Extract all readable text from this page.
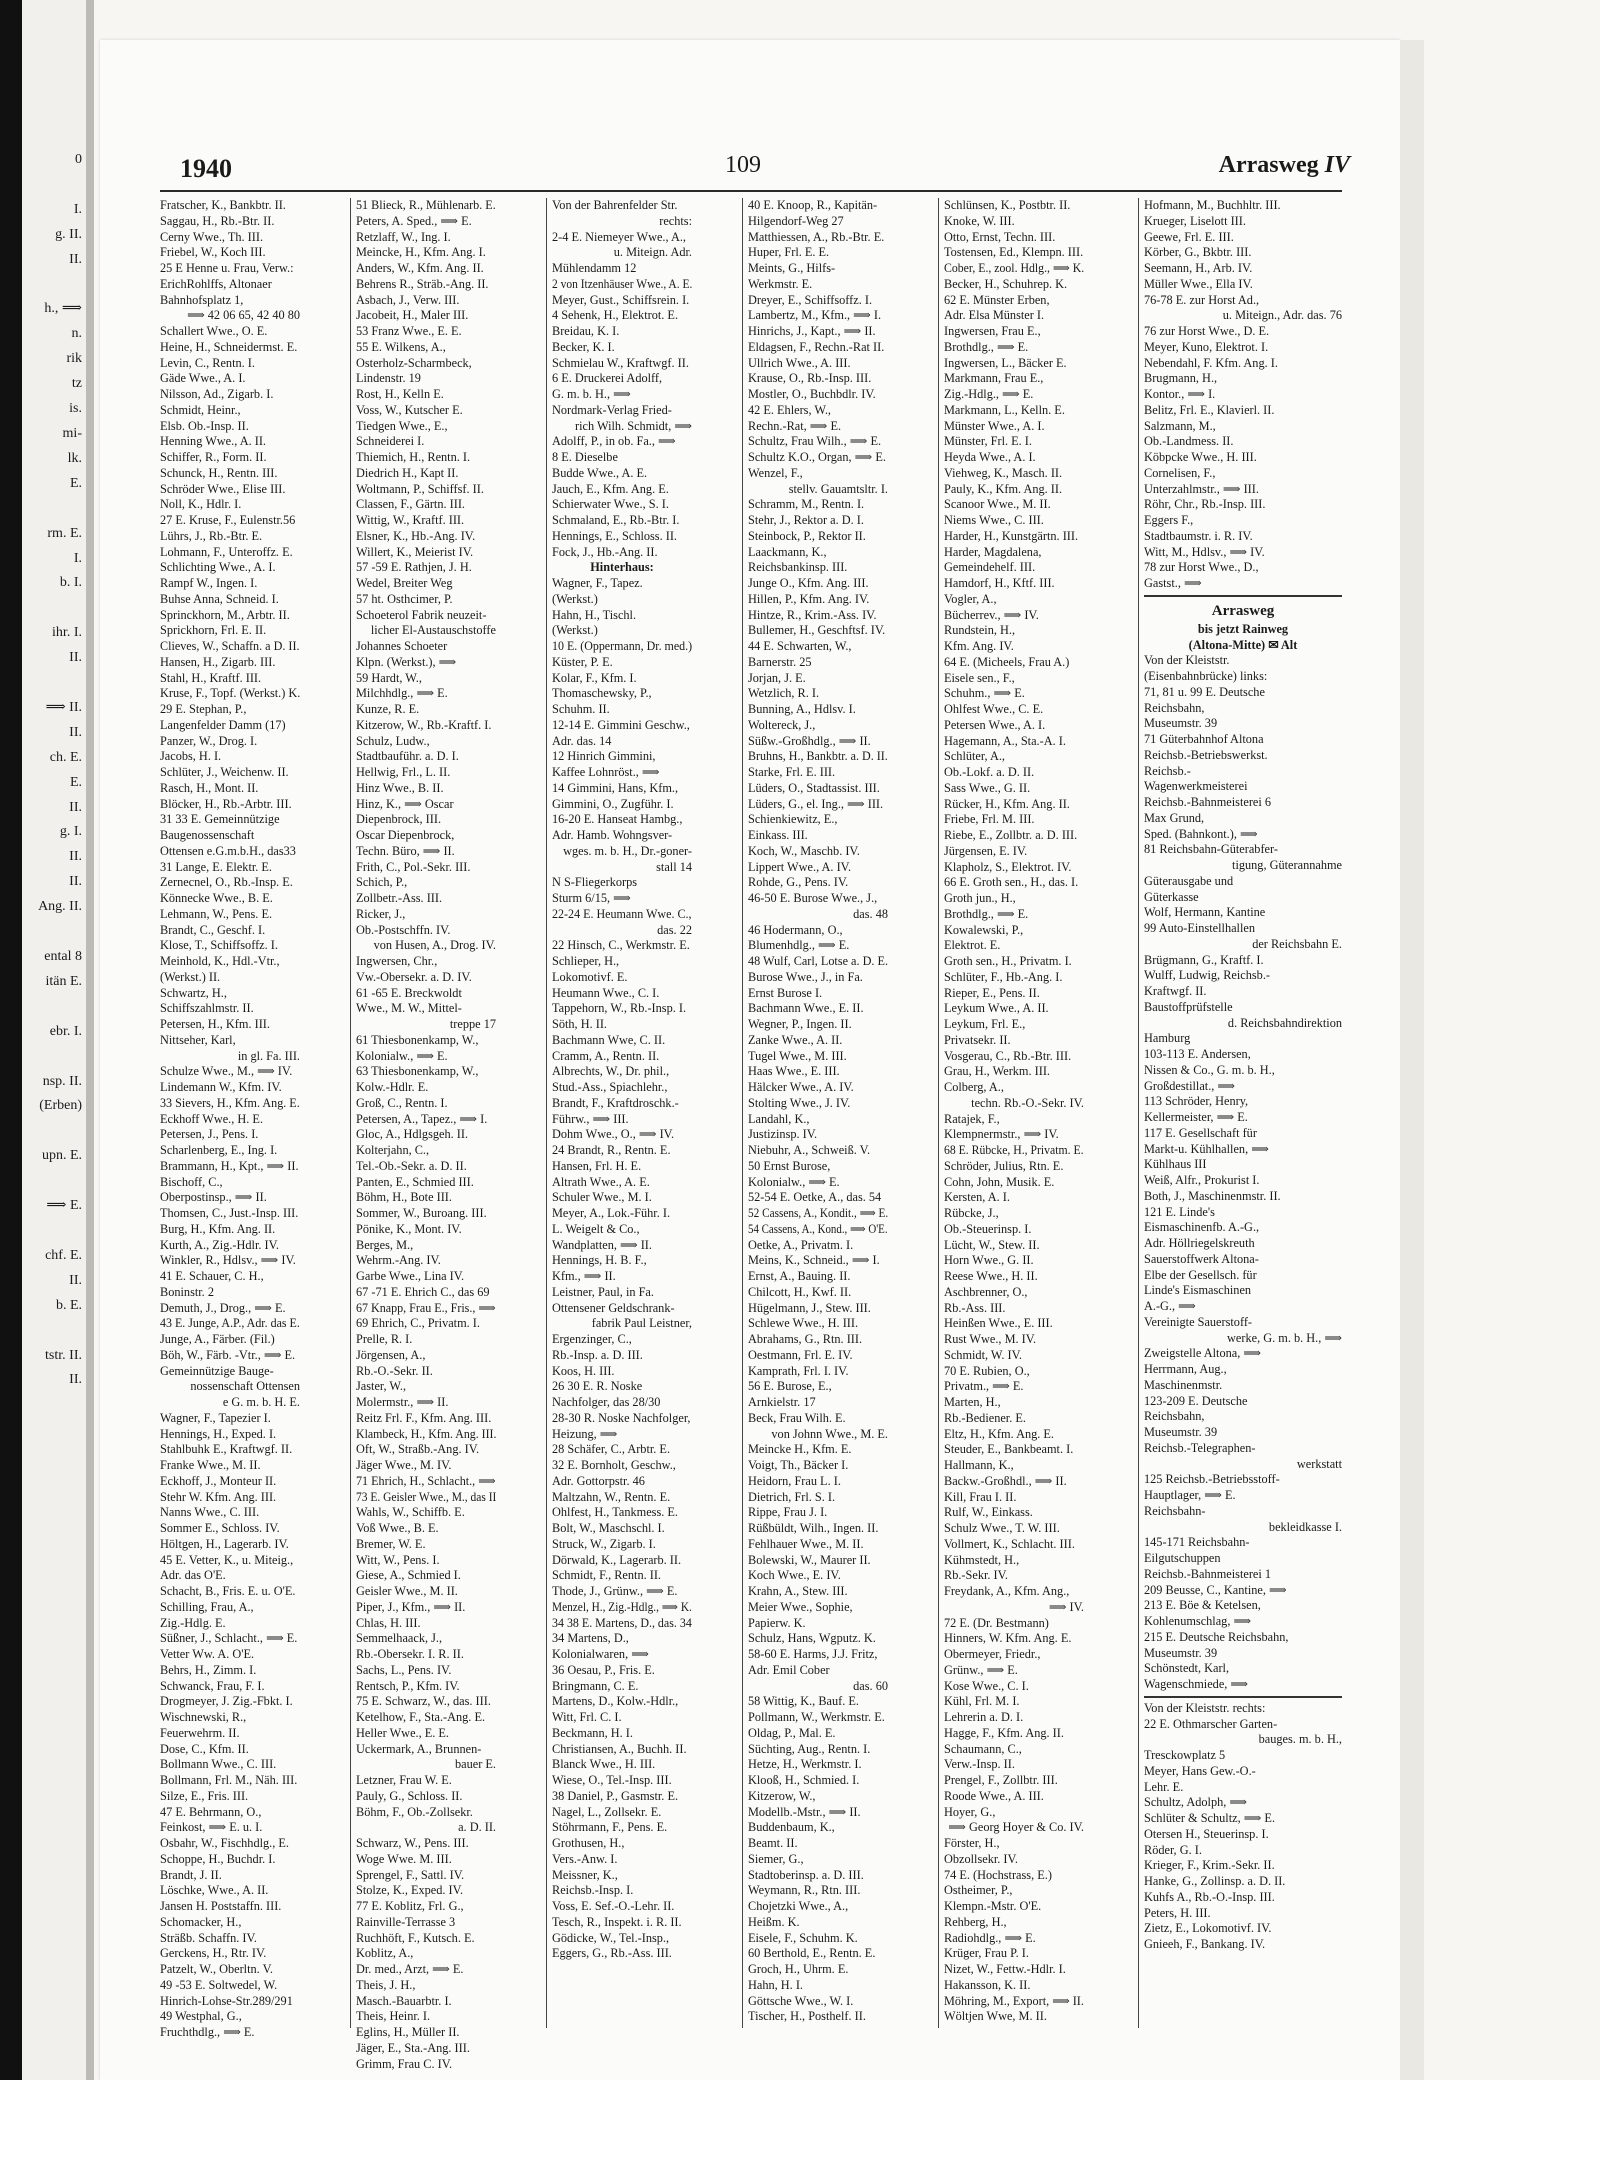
0

I.
g. II.
II.

h., ⟹
n.
rik
tz
is.
mi-
lk.
E.

rm. E.
I.
b. I.

ihr. I.
II.

⟹ II.
II.
ch. E.
E.
II.
g. I.
II.
II.
Ang. II.

ental 8
itän E.

ebr. I.

nsp. II.
(Erben)

upn. E.

⟹ E.

chf. E.
II.
b. E.

tstr. II.
II.
1940	109	Arrasweg IV
Fratscher, K., Bankbtr. II.
Saggau, H., Rb.-Btr. II.
Cerny Wwe., Th. III.
Friebel, W., Koch III.
25 E Henne u. Frau, Verw.:
ErichRohlffs, Altonaer
Bahnhofsplatz 1,
⟹ 42 06 65, 42 40 80
Schallert Wwe., O. E.
Heine, H., Schneidermst. E.
Levin, C., Rentn. I.
Gäde Wwe., A. I.
Nilsson, Ad., Zigarb. I.
Schmidt, Heinr.,
Elsb. Ob.-Insp. II.
Henning Wwe., A. II.
Schiffer, R., Form. II.
Schunck, H., Rentn. III.
Schröder Wwe., Elise III.
Noll, K., Hdlr. I.
27 E. Kruse, F., Eulenstr.56
Lührs, J., Rb.-Btr. E.
Lohmann, F., Unteroffz. E.
Schlichting Wwe., A. I.
Rampf W., Ingen. I.
Buhse Anna, Schneid. I.
Sprinckhorn, M., Arbtr. II.
Sprickhorn, Frl. E. II.
Clieves, W., Schaffn. a D. II.
Hansen, H., Zigarb. III.
Stahl, H., Kraftf. III.
Kruse, F., Topf. (Werkst.) K.
29 E. Stephan, P.,
Langenfelder Damm (17)
Panzer, W., Drog. I.
Jacobs, H. I.
Schlüter, J., Weichenw. II.
Rasch, H., Mont. II.
Blöcker, H., Rb.-Arbtr. III.
31 33 E. Gemeinnützige
Baugenossenschaft
Ottensen e.G.m.b.H., das33
31 Lange, E. Elektr. E.
Zernecnel, O., Rb.-Insp. E.
Könnecke Wwe., B. E.
Lehmann, W., Pens. E.
Brandt, C., Geschf. I.
Klose, T., Schiffsoffz. I.
Meinhold, K., Hdl.-Vtr.,
(Werkst.) II.
Schwartz, H.,
Schiffszahlmstr. II.
Petersen, H., Kfm. III.
Nittseher, Karl,
in gl. Fa. III.
Schulze Wwe., M., ⟹ IV.
Lindemann W., Kfm. IV.
33 Sievers, H., Kfm. Ang. E.
Eckhoff Wwe., H. E.
Petersen, J., Pens. I.
Scharlenberg, E., Ing. I.
Brammann, H., Kpt., ⟹ II.
Bischoff, C.,
Oberpostinsp., ⟹ II.
Thomsen, C., Just.-Insp. III.
Burg, H., Kfm. Ang. II.
Kurth, A., Zig.-Hdlr. IV.
Winkler, R., Hdlsv., ⟹ IV.
41 E. Schauer, C. H.,
Boninstr. 2
Demuth, J., Drog., ⟹ E.
43 E. Junge, A.P., Adr. das E.
Junge, A., Färber. (Fil.)
Böh, W., Färb. -Vtr., ⟹ E.
Gemeinnützige Bauge-
nossenschaft Ottensen
e G. m. b. H. E.
Wagner, F., Tapezier I.
Hennings, H., Exped. I.
Stahlbuhk E., Kraftwgf. II.
Franke Wwe., M. II.
Eckhoff, J., Monteur II.
Stehr W. Kfm. Ang. III.
Nanns Wwe., C. III.
Sommer E., Schloss. IV.
Höltgen, H., Lagerarb. IV.
45 E. Vetter, K., u. Miteig.,
Adr. das O'E.
Schacht, B., Fris. E. u. O'E.
Schilling, Frau, A.,
Zig.-Hdlg. E.
Süßner, J., Schlacht., ⟹ E.
Vetter Ww. A. O'E.
Behrs, H., Zimm. I.
Schwanck, Frau, F. I.
Drogmeyer, J. Zig.-Fbkt. I.
Wischnewski, R.,
Feuerwehrm. II.
Dose, C., Kfm. II.
Bollmann Wwe., C. III.
Bollmann, Frl. M., Näh. III.
Silze, E., Fris. III.
47 E. Behrmann, O.,
Feinkost, ⟹ E. u. I.
Osbahr, W., Fischhdlg., E.
Schoppe, H., Buchdr. I.
Brandt, J. II.
Löschke, Wwe., A. II.
Jansen H. Poststaffn. III.
Schomacker, H.,
Sträßb. Schaffn. IV.
Gerckens, H., Rtr. IV.
Patzelt, W., Oberltn. V.
49 -53 E. Soltwedel, W.
Hinrich-Lohse-Str.289/291
49 Westphal, G.,
Fruchthdlg., ⟹ E.
51 Blieck, R., Mühlenarb. E.
Peters, A. Sped., ⟹ E.
Retzlaff, W., Ing. I.
Meincke, H., Kfm. Ang. I.
Anders, W., Kfm. Ang. II.
Behrens R., Sträb.-Ang. II.
Asbach, J., Verw. III.
Jacobeit, H., Maler III.
53 Franz Wwe., E. E.
55 E. Wilkens, A.,
Osterholz-Scharmbeck,
Lindenstr. 19
Rost, H., Kelln E.
Voss, W., Kutscher E.
Tiedgen Wwe., E.,
Schneiderei I.
Thiemich, H., Rentn. I.
Diedrich H., Kapt II.
Woltmann, P., Schiffsf. II.
Classen, F., Gärtn. III.
Wittig, W., Kraftf. III.
Elsner, K., Hb.-Ang. IV.
Willert, K., Meierist IV.
57 -59 E. Rathjen, J. H.
Wedel, Breiter Weg
57 ht. Osthcimer, P.
Schoeterol Fabrik neuzeit-
licher El-Austauschstoffe
Johannes Schoeter
Klpn. (Werkst.), ⟹
59 Hardt, W.,
Milchhdlg., ⟹ E.
Kunze, R. E.
Kitzerow, W., Rb.-Kraftf. I.
Schulz, Ludw.,
Stadtbauführ. a. D. I.
Hellwig, Frl., L. II.
Hinz Wwe., B. II.
Hinz, K., ⟹ Oscar
Diepenbrock, III.
Oscar Diepenbrock,
Techn. Büro, ⟹ II.
Frith, C., Pol.-Sekr. III.
Schich, P.,
Zollbetr.-Ass. III.
Ricker, J.,
Ob.-Postschffn. IV.
von Husen, A., Drog. IV.
Ingwersen, Chr.,
Vw.-Obersekr. a. D. IV.
61 -65 E. Breckwoldt
Wwe., M. W., Mittel-
treppe 17
61 Thiesbonenkamp, W.,
Kolonialw., ⟹ E.
63 Thiesbonenkamp, W.,
Kolw.-Hdlr. E.
Groß, C., Rentn. I.
Petersen, A., Tapez., ⟹ I.
Gloc, A., Hdlgsgeh. II.
Kolterjahn, C.,
Tel.-Ob.-Sekr. a. D. II.
Panten, E., Schmied III.
Böhm, H., Bote III.
Sommer, W., Buroang. III.
Pönike, K., Mont. IV.
Berges, M.,
Wehrm.-Ang. IV.
Garbe Wwe., Lina IV.
67 -71 E. Ehrich C., das 69
67 Knapp, Frau E., Fris., ⟹
69 Ehrich, C., Privatm. I.
Prelle, R. I.
Jörgensen, A.,
Rb.-O.-Sekr. II.
Jaster, W.,
Molermstr., ⟹ II.
Reitz Frl. F., Kfm. Ang. III.
Klambeck, H., Kfm. Ang. III.
Oft, W., Straßb.-Ang. IV.
Jäger Wwe., M. IV.
71 Ehrich, H., Schlacht., ⟹
73 E. Geisler Wwe., M., das II
Wahls, W., Schiffb. E.
Voß Wwe., B. E.
Bremer, W. E.
Witt, W., Pens. I.
Giese, A., Schmied I.
Geisler Wwe., M. II.
Piper, J., Kfm., ⟹ II.
Chlas, H. III.
Semmelhaack, J.,
Rb.-Obersekr. I. R. II.
Sachs, L., Pens. IV.
Rentsch, P., Kfm. IV.
75 E. Schwarz, W., das. III.
Ketelhow, F., Sta.-Ang. E.
Heller Wwe., E. E.
Uckermark, A., Brunnen-
bauer E.
Letzner, Frau W. E.
Pauly, G., Schloss. II.
Böhm, F., Ob.-Zollsekr.
a. D. II.
Schwarz, W., Pens. III.
Woge Wwe. M. III.
Sprengel, F., Sattl. IV.
Stolze, K., Exped. IV.
77 E. Koblitz, Frl. G.,
Rainville-Terrasse 3
Ruchhöft, F., Kutsch. E.
Koblitz, A.,
Dr. med., Arzt, ⟹ E.
Theis, J. H.,
Masch.-Bauarbtr. I.
Theis, Heinr. I.
Eglins, H., Müller II.
Jäger, E., Sta.-Ang. III.
Grimm, Frau C. IV.
Von der Bahrenfelder Str.
rechts:
2-4 E. Niemeyer Wwe., A.,
u. Miteign. Adr.
Mühlendamm 12
2 von Itzenhäuser Wwe., A. E.
Meyer, Gust., Schiffsrein. I.
4 Sehenk, H., Elektrot. E.
Breidau, K. I.
Becker, K. I.
Schmielau W., Kraftwgf. II.
6 E. Druckerei Adolff,
G. m. b. H., ⟹
Nordmark-Verlag Fried-
rich Wilh. Schmidt, ⟹
Adolff, P., in ob. Fa., ⟹
8 E. Dieselbe
Budde Wwe., A. E.
Jauch, E., Kfm. Ang. E.
Schierwater Wwe., S. I.
Schmaland, E., Rb.-Btr. I.
Hennings, E., Schloss. II.
Fock, J., Hb.-Ang. II.
Hinterhaus:
Wagner, F., Tapez.
(Werkst.)
Hahn, H., Tischl.
(Werkst.)
10 E. (Oppermann, Dr. med.)
Küster, P. E.
Kolar, F., Kfm. I.
Thomaschewsky, P.,
Schuhm. II.
12-14 E. Gimmini Geschw.,
Adr. das. 14
12 Hinrich Gimmini,
Kaffee Lohnröst., ⟹
14 Gimmini, Hans, Kfm.,
Gimmini, O., Zugführ. I.
16-20 E. Hanseat Hambg.,
Adr. Hamb. Wohngsver-
wges. m. b. H., Dr.-goner-
stall 14
N S-Fliegerkorps
Sturm 6/15, ⟹
22-24 E. Heumann Wwe. C.,
das. 22
22 Hinsch, C., Werkmstr. E.
Schlieper, H.,
Lokomotivf. E.
Heumann Wwe., C. I.
Tappehorn, W., Rb.-Insp. I.
Söth, H. II.
Bachmann Wwe, C. II.
Cramm, A., Rentn. II.
Albrechts, W., Dr. phil.,
Stud.-Ass., Spiachlehr.,
Brandt, F., Kraftdroschk.-
Führw., ⟹ III.
Dohm Wwe., O., ⟹ IV.
24 Brandt, R., Rentn. E.
Hansen, Frl. H. E.
Altrath Wwe., A. E.
Schuler Wwe., M. I.
Meyer, A., Lok.-Führ. I.
L. Weigelt & Co.,
Wandplatten, ⟹ II.
Hennings, H. B. F.,
Kfm., ⟹ II.
Leistner, Paul, in Fa.
Ottensener Geldschrank-
fabrik Paul Leistner,
Ergenzinger, C.,
Rb.-Insp. a. D. III.
Koos, H. III.
26 30 E. R. Noske
Nachfolger, das 28/30
28-30 R. Noske Nachfolger,
Heizung, ⟹
28 Schäfer, C., Arbtr. E.
32 E. Bornholt, Geschw.,
Adr. Gottorpstr. 46
Maltzahn, W., Rentn. E.
Ohlfest, H., Tankmess. E.
Bolt, W., Maschschl. I.
Struck, W., Zigarb. I.
Dörwald, K., Lagerarb. II.
Schmidt, F., Rentn. II.
Thode, J., Grünw., ⟹ E.
Menzel, H., Zig.-Hdlg., ⟹ K.
34 38 E. Martens, D., das. 34
34 Martens, D.,
Kolonialwaren, ⟹
36 Oesau, P., Fris. E.
Bringmann, C. E.
Martens, D., Kolw.-Hdlr.,
Witt, Frl. C. I.
Beckmann, H. I.
Christiansen, A., Buchh. II.
Blanck Wwe., H. III.
Wiese, O., Tel.-Insp. III.
38 Daniel, P., Gasmstr. E.
Nagel, L., Zollsekr. E.
Stöhrmann, F., Pens. E.
Grothusen, H.,
Vers.-Anw. I.
Meissner, K.,
Reichsb.-Insp. I.
Voss, E. Sef.-O.-Lehr. II.
Tesch, R., Inspekt. i. R. II.
Gödicke, W., Tel.-Insp.,
Eggers, G., Rb.-Ass. III.
40 E. Knoop, R., Kapitän-
Hilgendorf-Weg 27
Matthiessen, A., Rb.-Btr. E.
Huper, Frl. E. E.
Meints, G., Hilfs-
Werkmstr. E.
Dreyer, E., Schiffsoffz. I.
Lambertz, M., Kfm., ⟹ I.
Hinrichs, J., Kapt., ⟹ II.
Eldagsen, F., Rechn.-Rat II.
Ullrich Wwe., A. III.
Krause, O., Rb.-Insp. III.
Mostler, O., Buchbdlr. IV.
42 E. Ehlers, W.,
Rechn.-Rat, ⟹ E.
Schultz, Frau Wilh., ⟹ E.
Schultz K.O., Organ, ⟹ E.
Wenzel, F.,
stellv. Gauamtsltr. I.
Schramm, M., Rentn. I.
Stehr, J., Rektor a. D. I.
Steinbock, P., Rektor II.
Laackmann, K.,
Reichsbankinsp. III.
Junge O., Kfm. Ang. III.
Hillen, P., Kfm. Ang. IV.
Hintze, R., Krim.-Ass. IV.
Bullemer, H., Geschftsf. IV.
44 E. Schwarten, W.,
Barnerstr. 25
Jorjan, J. E.
Wetzlich, R. I.
Bunning, A., Hdlsv. I.
Woltereck, J.,
Süßw.-Großhdlg., ⟹ II.
Bruhns, H., Bankbtr. a. D. II.
Starke, Frl. E. III.
Lüders, O., Stadtassist. III.
Lüders, G., el. Ing., ⟹ III.
Schienkiewitz, E.,
Einkass. III.
Koch, W., Maschb. IV.
Lippert Wwe., A. IV.
Rohde, G., Pens. IV.
46-50 E. Burose Wwe., J.,
das. 48
46 Hodermann, O.,
Blumenhdlg., ⟹ E.
48 Wulf, Carl, Lotse a. D. E.
Burose Wwe., J., in Fa.
Ernst Burose I.
Bachmann Wwe., E. II.
Wegner, P., Ingen. II.
Zanke Wwe., A. II.
Tugel Wwe., M. III.
Haas Wwe., E. III.
Hälcker Wwe., A. IV.
Stolting Wwe., J. IV.
Landahl, K.,
Justizinsp. IV.
Niebuhr, A., Schweiß. V.
50 Ernst Burose,
Kolonialw., ⟹ E.
52-54 E. Oetke, A., das. 54
52 Cassens, A., Kondit., ⟹ E.
54 Cassens, A., Kond., ⟹ O'E.
Oetke, A., Privatm. I.
Meins, K., Schneid., ⟹ I.
Ernst, A., Bauing. II.
Chilcott, H., Kwf. II.
Hügelmann, J., Stew. III.
Schlewe Wwe., H. III.
Abrahams, G., Rtn. III.
Oestmann, Frl. E. IV.
Kamprath, Frl. I. IV.
56 E. Burose, E.,
Arnkielstr. 17
Beck, Frau Wilh. E.
von Johnn Wwe., M. E.
Meincke H., Kfm. E.
Voigt, Th., Bäcker I.
Heidorn, Frau L. I.
Dietrich, Frl. S. I.
Rippe, Frau J. I.
Rüßbüldt, Wilh., Ingen. II.
Fehlhauer Wwe., M. II.
Bolewski, W., Maurer II.
Koch Wwe., E. IV.
Krahn, A., Stew. III.
Meier Wwe., Sophie,
Papierw. K.
Schulz, Hans, Wgputz. K.
58-60 E. Harms, J.J. Fritz,
Adr. Emil Cober
das. 60
58 Wittig, K., Bauf. E.
Pollmann, W., Werkmstr. E.
Oldag, P., Mal. E.
Süchting, Aug., Rentn. I.
Hetze, H., Werkmstr. I.
Klooß, H., Schmied. I.
Kitzerow, W.,
Modellb.-Mstr., ⟹ II.
Buddenbaum, K.,
Beamt. II.
Siemer, G.,
Stadtoberinsp. a. D. III.
Weymann, R., Rtn. III.
Chojetzki Wwe., A.,
Heißm. K.
Eisele, F., Schuhm. K.
60 Berthold, E., Rentn. E.
Groch, H., Uhrm. E.
Hahn, H. I.
Göttsche Wwe., W. I.
Tischer, H., Posthelf. II.
Schlünsen, K., Postbtr. II.
Knoke, W. III.
Otto, Ernst, Techn. III.
Tostensen, Ed., Klempn. III.
Cober, E., zool. Hdlg., ⟹ K.
Becker, H., Schuhrep. K.
62 E. Münster Erben,
Adr. Elsa Münster I.
Ingwersen, Frau E.,
Brothdlg., ⟹ E.
Ingwersen, L., Bäcker E.
Markmann, Frau E.,
Zig.-Hdlg., ⟹ E.
Markmann, L., Kelln. E.
Münster Wwe., A. I.
Münster, Frl. E. I.
Heyda Wwe., A. I.
Viehweg, K., Masch. II.
Pauly, K., Kfm. Ang. II.
Scanoor Wwe., M. II.
Niems Wwe., C. III.
Harder, H., Kunstgärtn. III.
Harder, Magdalena,
Gemeindehelf. III.
Hamdorf, H., Kftf. III.
Vogler, A.,
Bücherrev., ⟹ IV.
Rundstein, H.,
Kfm. Ang. IV.
64 E. (Micheels, Frau A.)
Eisele sen., F.,
Schuhm., ⟹ E.
Ohlfest Wwe., C. E.
Petersen Wwe., A. I.
Hagemann, A., Sta.-A. I.
Schlüter, A.,
Ob.-Lokf. a. D. II.
Sass Wwe., G. II.
Rücker, H., Kfm. Ang. II.
Friebe, Frl. M. III.
Riebe, E., Zollbtr. a. D. III.
Jürgensen, E. IV.
Klapholz, S., Elektrot. IV.
66 E. Groth sen., H., das. I.
Groth jun., H.,
Brothdlg., ⟹ E.
Kowalewski, P.,
Elektrot. E.
Groth sen., H., Privatm. I.
Schlüter, F., Hb.-Ang. I.
Rieper, E., Pens. II.
Leykum Wwe., A. II.
Leykum, Frl. E.,
Privatsekr. II.
Vosgerau, C., Rb.-Btr. III.
Grau, H., Werkm. III.
Colberg, A.,
techn. Rb.-O.-Sekr. IV.
Ratajek, F.,
Klempnermstr., ⟹ IV.
68 E. Rübcke, H., Privatm. E.
Schröder, Julius, Rtn. E.
Cohn, John, Musik. E.
Kersten, A. I.
Rübcke, J.,
Ob.-Steuerinsp. I.
Lücht, W., Stew. II.
Horn Wwe., G. II.
Reese Wwe., H. II.
Aschbrenner, O.,
Rb.-Ass. III.
Heinßen Wwe., E. III.
Rust Wwe., M. IV.
Schmidt, W. IV.
70 E. Rubien, O.,
Privatm., ⟹ E.
Marten, H.,
Rb.-Bediener. E.
Eltz, H., Kfm. Ang. E.
Steuder, E., Bankbeamt. I.
Hallmann, K.,
Backw.-Großhdl., ⟹ II.
Kill, Frau I. II.
Rulf, W., Einkass.
Schulz Wwe., T. W. III.
Vollmert, K., Schlacht. III.
Kühmstedt, H.,
Rb.-Sekr. IV.
Freydank, A., Kfm. Ang.,
⟹ IV.
72 E. (Dr. Bestmann)
Hinners, W. Kfm. Ang. E.
Obermeyer, Friedr.,
Grünw., ⟹ E.
Kose Wwe., C. I.
Kühl, Frl. M. I.
Lehrerin a. D. I.
Hagge, F., Kfm. Ang. II.
Schaumann, C.,
Verw.-Insp. II.
Prengel, F., Zollbtr. III.
Roode Wwe., A. III.
Hoyer, G.,
⟹ Georg Hoyer & Co. IV.
Förster, H.,
Obzollsekr. IV.
74 E. (Hochstrass, E.)
Ostheimer, P.,
Klempn.-Mstr. O'E.
Rehberg, H.,
Radiohdlg., ⟹ E.
Krüger, Frau P. I.
Nizet, W., Fettw.-Hdlr. I.
Hakansson, K. II.
Möhring, M., Export, ⟹ II.
Wöltjen Wwe, M. II.
Hofmann, M., Buchhltr. III.
Krueger, Liselott III.
Geewe, Frl. E. III.
Körber, G., Bkbtr. III.
Seemann, H., Arb. IV.
Müller Wwe., Ella IV.
76-78 E. zur Horst Ad.,
u. Miteign., Adr. das. 76
76 zur Horst Wwe., D. E.
Meyer, Kuno, Elektrot. I.
Nebendahl, F. Kfm. Ang. I.
Brugmann, H.,
Kontor., ⟹ I.
Belitz, Frl. E., Klavierl. II.
Salzmann, M.,
Ob.-Landmess. II.
Köbpcke Wwe., H. III.
Cornelisen, F.,
Unterzahlmstr., ⟹ III.
Röhr, Chr., Rb.-Insp. III.
Eggers F.,
Stadtbaumstr. i. R. IV.
Witt, M., Hdlsv., ⟹ IV.
78 zur Horst Wwe., D.,
Gastst., ⟹
Arrasweg
bis jetzt Rainweg
(Altona-Mitte) ✉ Alt
Von der Kleiststr.
(Eisenbahnbrücke) links:
71, 81 u. 99 E. Deutsche
Reichsbahn,
Museumstr. 39
71 Güterbahnhof Altona
Reichsb.-Betriebswerkst.
Reichsb.-
Wagenwerkmeisterei
Reichsb.-Bahnmeisterei 6
Max Grund,
Sped. (Bahnkont.), ⟹
81 Reichsbahn-Güterabfer-
tigung, Güterannahme
Güterausgabe und
Güterkasse
Wolf, Hermann, Kantine
99 Auto-Einstellhallen
der Reichsbahn E.
Brügmann, G., Kraftf. I.
Wulff, Ludwig, Reichsb.-
Kraftwgf. II.
Baustoffprüfstelle
d. Reichsbahndirektion
Hamburg
103-113 E. Andersen,
Nissen & Co., G. m. b. H.,
Großdestillat., ⟹
113 Schröder, Henry,
Kellermeister, ⟹ E.
117 E. Gesellschaft für
Markt-u. Kühlhallen, ⟹
Kühlhaus III
Weiß, Alfr., Prokurist I.
Both, J., Maschinenmstr. II.
121 E. Linde's
Eismaschinenfb. A.-G.,
Adr. Höllriegelskreuth
Sauerstoffwerk Altona-
Elbe der Gesellsch. für
Linde's Eismaschinen
A.-G., ⟹
Vereinigte Sauerstoff-
werke, G. m. b. H., ⟹
Zweigstelle Altona, ⟹
Herrmann, Aug.,
Maschinenmstr.
123-209 E. Deutsche
Reichsbahn,
Museumstr. 39
Reichsb.-Telegraphen-
werkstatt
125 Reichsb.-Betriebsstoff-
Hauptlager, ⟹ E.
Reichsbahn-
bekleidkasse I.
145-171 Reichsbahn-
Eilgutschuppen
Reichsb.-Bahnmeisterei 1
209 Beusse, C., Kantine, ⟹
213 E. Böe & Ketelsen,
Kohlenumschlag, ⟹
215 E. Deutsche Reichsbahn,
Museumstr. 39
Schönstedt, Karl,
Wagenschmiede, ⟹
Von der Kleiststr. rechts:
22 E. Othmarscher Garten-
bauges. m. b. H.,
Tresckowplatz 5
Meyer, Hans Gew.-O.-
Lehr. E.
Schultz, Adolph, ⟹
Schlüter & Schultz, ⟹ E.
Otersen H., Steuerinsp. I.
Röder, G. I.
Krieger, F., Krim.-Sekr. II.
Hanke, G., Zollinsp. a. D. II.
Kuhfs A., Rb.-O.-Insp. III.
Peters, H. III.
Zietz, E., Lokomotivf. IV.
Gnieeh, F., Bankang. IV.
